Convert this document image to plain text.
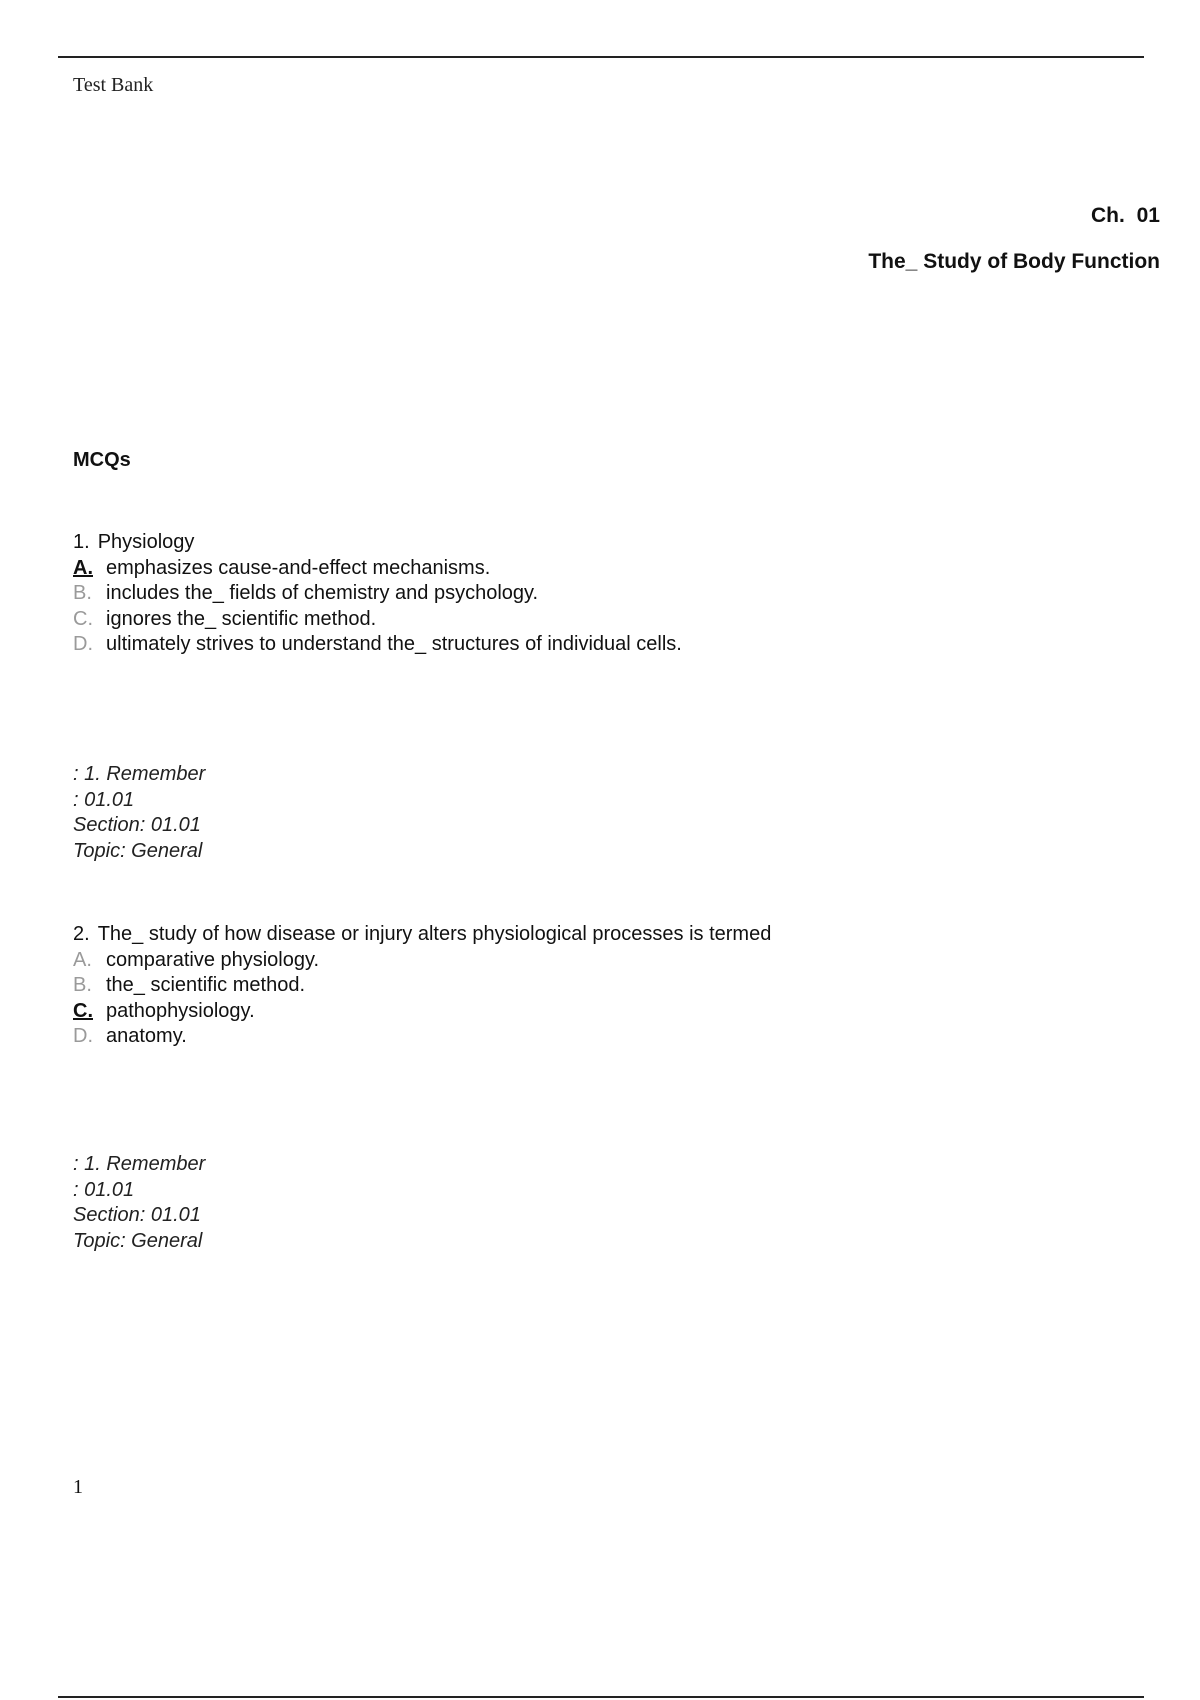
Test Bank
Ch. 01
The_ Study of Body Function
MCQs
1. Physiology
A. emphasizes cause-and-effect mechanisms.
B. includes the_ fields of chemistry and psychology.
C. ignores the_ scientific method.
D. ultimately strives to understand the_ structures of individual cells.
: 1. Remember
: 01.01
Section: 01.01
Topic: General
2. The_ study of how disease or injury alters physiological processes is termed
A. comparative physiology.
B. the_ scientific method.
C. pathophysiology.
D. anatomy.
: 1. Remember
: 01.01
Section: 01.01
Topic: General
1
